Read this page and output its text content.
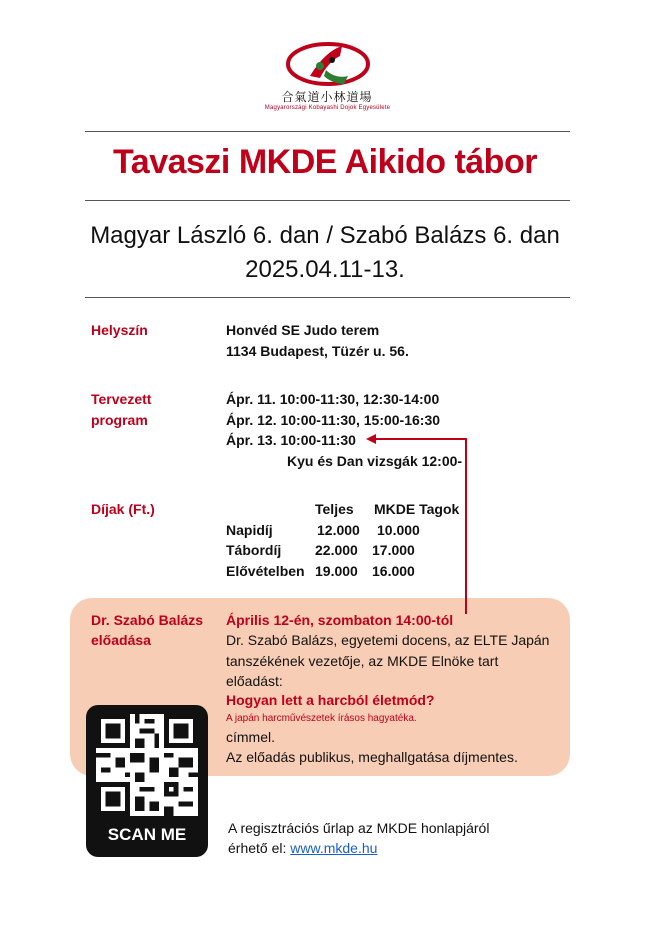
合氣道小林道場
Magyarországi Kobayashi Dojok Egyesülete
Tavaszi MKDE Aikido tábor
Magyar László 6. dan / Szabó Balázs 6. dan
2025.04.11-13.
Helyszín	Honvéd SE Judo terem
1134 Budapest, Tüzér u. 56.
Tervezett
program
Ápr. 11. 10:00-11:30, 12:30-14:00
Ápr. 12. 10:00-11:30, 15:00-16:30
Ápr. 13. 10:00-11:30
Kyu és Dan vizsgák 12:00-
Díjak (Ft.)	Teljes MKDE Tagok
Napidíj	12.000 10.000
Tábordíj 22.000 17.000
Elővételben 19.000 16.000
Dr. Szabó Balázs
előadása
Április 12-én, szombaton 14:00-tól
Dr. Szabó Balázs, egyetemi docens, az ELTE Japán
tanszékének vezetője, az MKDE Elnöke tart
előadást:
Hogyan lett a harcból életmód?
A japán harcművészetek írásos hagyatéka.
címmel.
Az előadás publikus, meghallgatása díjmentes.
SCAN ME	A regisztrációs űrlap az MKDE honlapjáról
érhető el: www.mkde.hu
